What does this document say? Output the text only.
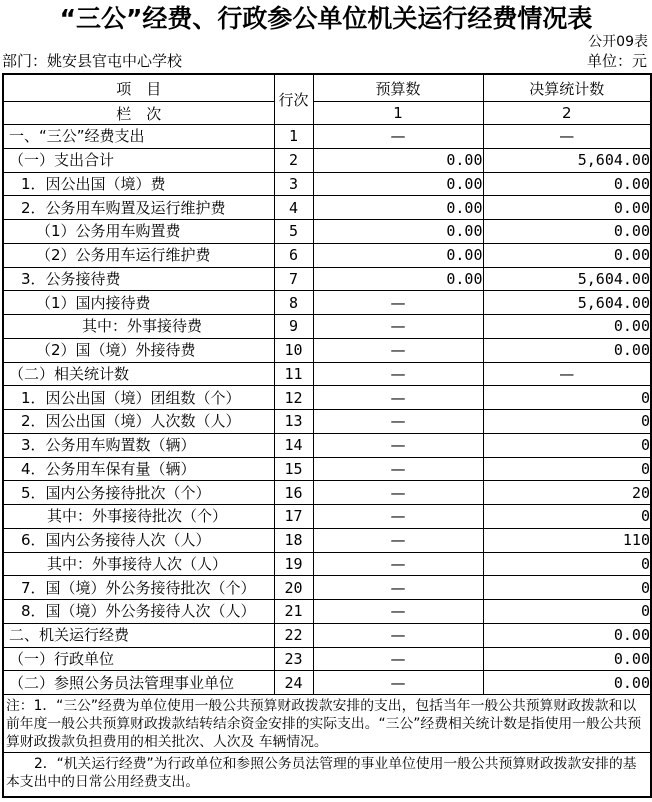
“三公”经费、行政参公单位机关运行经费情况表
公开09表
部门：姚安县官屯中心学校	单位：元
项　目	行次	预算数	决算统计数
栏　次		1	2
一、“三公”经费支出	1	—	—
（一）支出合计	2	0.00	5,604.00
1．因公出国（境）费	3	0.00	0.00
2．公务用车购置及运行维护费	4	0.00	0.00
（1）公务用车购置费	5	0.00	0.00
（2）公务用车运行维护费	6	0.00	0.00
3．公务接待费	7	0.00	5,604.00
（1）国内接待费	8	—	5,604.00
其中：外事接待费	9	—	0.00
（2）国（境）外接待费	10	—	0.00
（二）相关统计数	11	—	—
1．因公出国（境）团组数（个）	12	—	0
2．因公出国（境）人次数（人）	13	—	0
3．公务用车购置数（辆）	14	—	0
4．公务用车保有量（辆）	15	—	0
5．国内公务接待批次（个）	16	—	20
其中：外事接待批次（个）	17	—	0
6．国内公务接待人次（人）	18	—	110
其中：外事接待人次（人）	19	—	0
7．国（境）外公务接待批次（个）	20	—	0
8．国（境）外公务接待人次（人）	21	—	0
二、机关运行经费	22	—	0.00
（一）行政单位	23	—	0.00
（二）参照公务员法管理事业单位	24	—	0.00
注：1．“三公”经费为单位使用一般公共预算财政拨款安排的支出，包括当年一般公共预算财政拨款和以前年度一般公共预算财政拨款结转结余资金安排的实际支出。“三公”经费相关统计数是指使用一般公共预算财政拨款负担费用的相关批次、人次及 车辆情况。			
2．“机关运行经费”为行政单位和参照公务员法管理的事业单位使用一般公共预算财政拨款安排的基本支出中的日常公用经费支出。			
